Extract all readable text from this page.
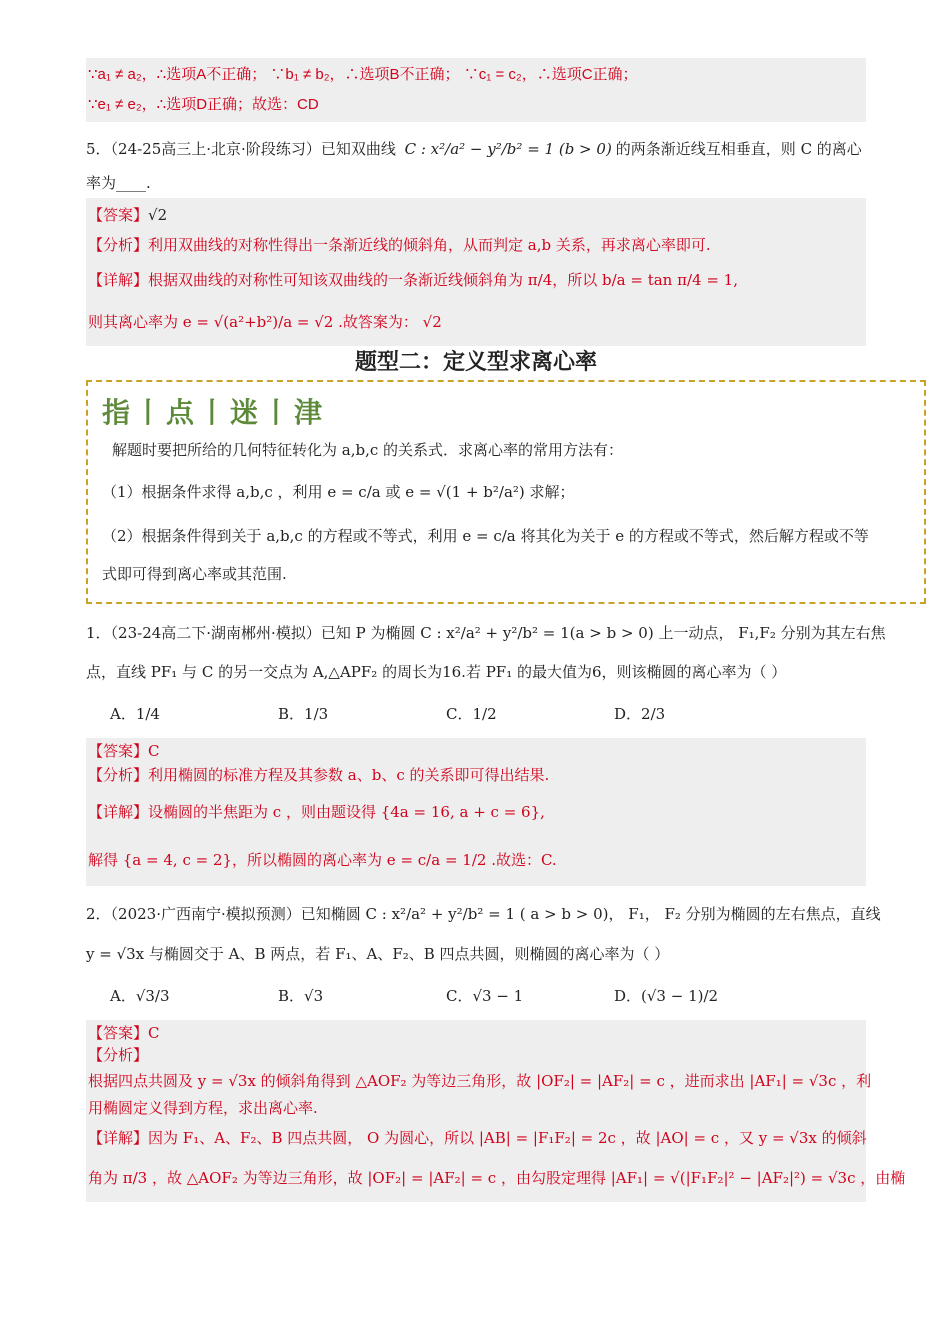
∵a₁ ≠ a₂，∴选项A不正确； ∵b₁ ≠ b₂，∴选项B不正确； ∵c₁ = c₂，∴选项C正确；
∵e₁ ≠ e₂，∴选项D正确；故选：CD
5．（24-25高三上·北京·阶段练习）已知双曲线 C : x²/a² − y²/b² = 1 (b > 0) 的两条渐近线互相垂直，则 C 的离心
率为____.
【答案】√2
【分析】利用双曲线的对称性得出一条渐近线的倾斜角，从而判定 a,b 关系，再求离心率即可.
【详解】根据双曲线的对称性可知该双曲线的一条渐近线倾斜角为 π/4，所以 b/a = tan π/4 = 1,
则其离心率为 e = √(a²+b²)/a = √2 .故答案为： √2
题型二：定义型求离心率
指丨点丨迷丨津
解题时要把所给的几何特征转化为 a,b,c 的关系式．求离心率的常用方法有：
（1）根据条件求得 a,b,c ，利用 e = c/a 或 e = √(1 + b²/a²) 求解；
（2）根据条件得到关于 a,b,c 的方程或不等式，利用 e = c/a 将其化为关于 e 的方程或不等式，然后解方程或不等
式即可得到离心率或其范围.
1．（23-24高二下·湖南郴州·模拟）已知 P 为椭圆 C : x²/a² + y²/b² = 1(a > b > 0) 上一动点， F₁,F₂ 分别为其左右焦
点，直线 PF₁ 与 C 的另一交点为 A,△APF₂ 的周长为16.若 PF₁ 的最大值为6，则该椭圆的离心率为（ ）
A．1/4	B．1/3	C．1/2	D．2/3
【答案】C
【分析】利用椭圆的标准方程及其参数 a、b、c 的关系即可得出结果.
【详解】设椭圆的半焦距为 c ，则由题设得 {4a = 16, a + c = 6},
解得 {a = 4, c = 2}，所以椭圆的离心率为 e = c/a = 1/2 .故选：C.
2．（2023·广西南宁·模拟预测）已知椭圆 C : x²/a² + y²/b² = 1 ( a > b > 0)， F₁， F₂ 分别为椭圆的左右焦点，直线
y = √3x 与椭圆交于 A、B 两点，若 F₁、A、F₂、B 四点共圆，则椭圆的离心率为（ ）
A．√3/3	B．√3	C．√3 − 1	D．(√3 − 1)/2
【答案】C
【分析】
根据四点共圆及 y = √3x 的倾斜角得到 △AOF₂ 为等边三角形，故 |OF₂| = |AF₂| = c ，进而求出 |AF₁| = √3c ，利
用椭圆定义得到方程，求出离心率.
【详解】因为 F₁、A、F₂、B 四点共圆， O 为圆心，所以 |AB| = |F₁F₂| = 2c ，故 |AO| = c ，又 y = √3x 的倾斜
角为 π/3 ，故 △AOF₂ 为等边三角形，故 |OF₂| = |AF₂| = c ，由勾股定理得 |AF₁| = √(|F₁F₂|² − |AF₂|²) = √3c ，由椭
